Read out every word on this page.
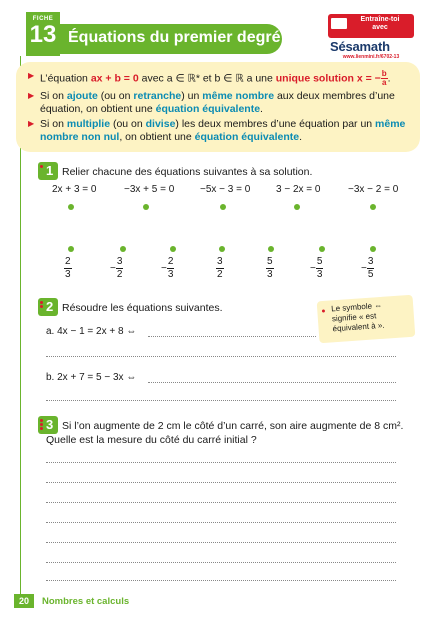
FICHE
13 Équations du premier degré
Entraîne-toi
avec
Sésamath
www.lienmini.fr/6702-13
▶ L’équation ax + b = 0 avec a ∈ ℝ* et b ∈ ℝ a une unique solution x = − $\frac{b}{a}$ .
▶ Si on ajoute (ou on retranche) un même nombre aux deux membres d’une équation, on obtient une équation équivalente.
▶ Si on multiplie (ou on divise) les deux membres d’une équation par un même nombre non nul, on obtient une équation équivalente.
1 Relier chacune des équations suivantes à sa solution.
2x + 3 = 0	−3x + 5 = 0	−5x − 3 = 0	3 − 2x = 0	−3x − 2 = 0
$\frac{2}{3}$	− $\frac{3}{2}$	− $\frac{2}{3}$	$\frac{3}{2}$	$\frac{5}{3}$	− $\frac{5}{3}$	− $\frac{3}{5}$
2 Résoudre les équations suivantes.	● Le symbole ⇔ signifie « est équivalent à ».
a. 4x − 1 = 2x + 8 ⇔
b. 2x + 7 = 5 − 3x ⇔
3 Si l’on augmente de 2 cm le côté d’un carré, son aire augmente de 8 cm².
Quelle est la mesure du côté du carré initial ?
20	Nombres et calculs
